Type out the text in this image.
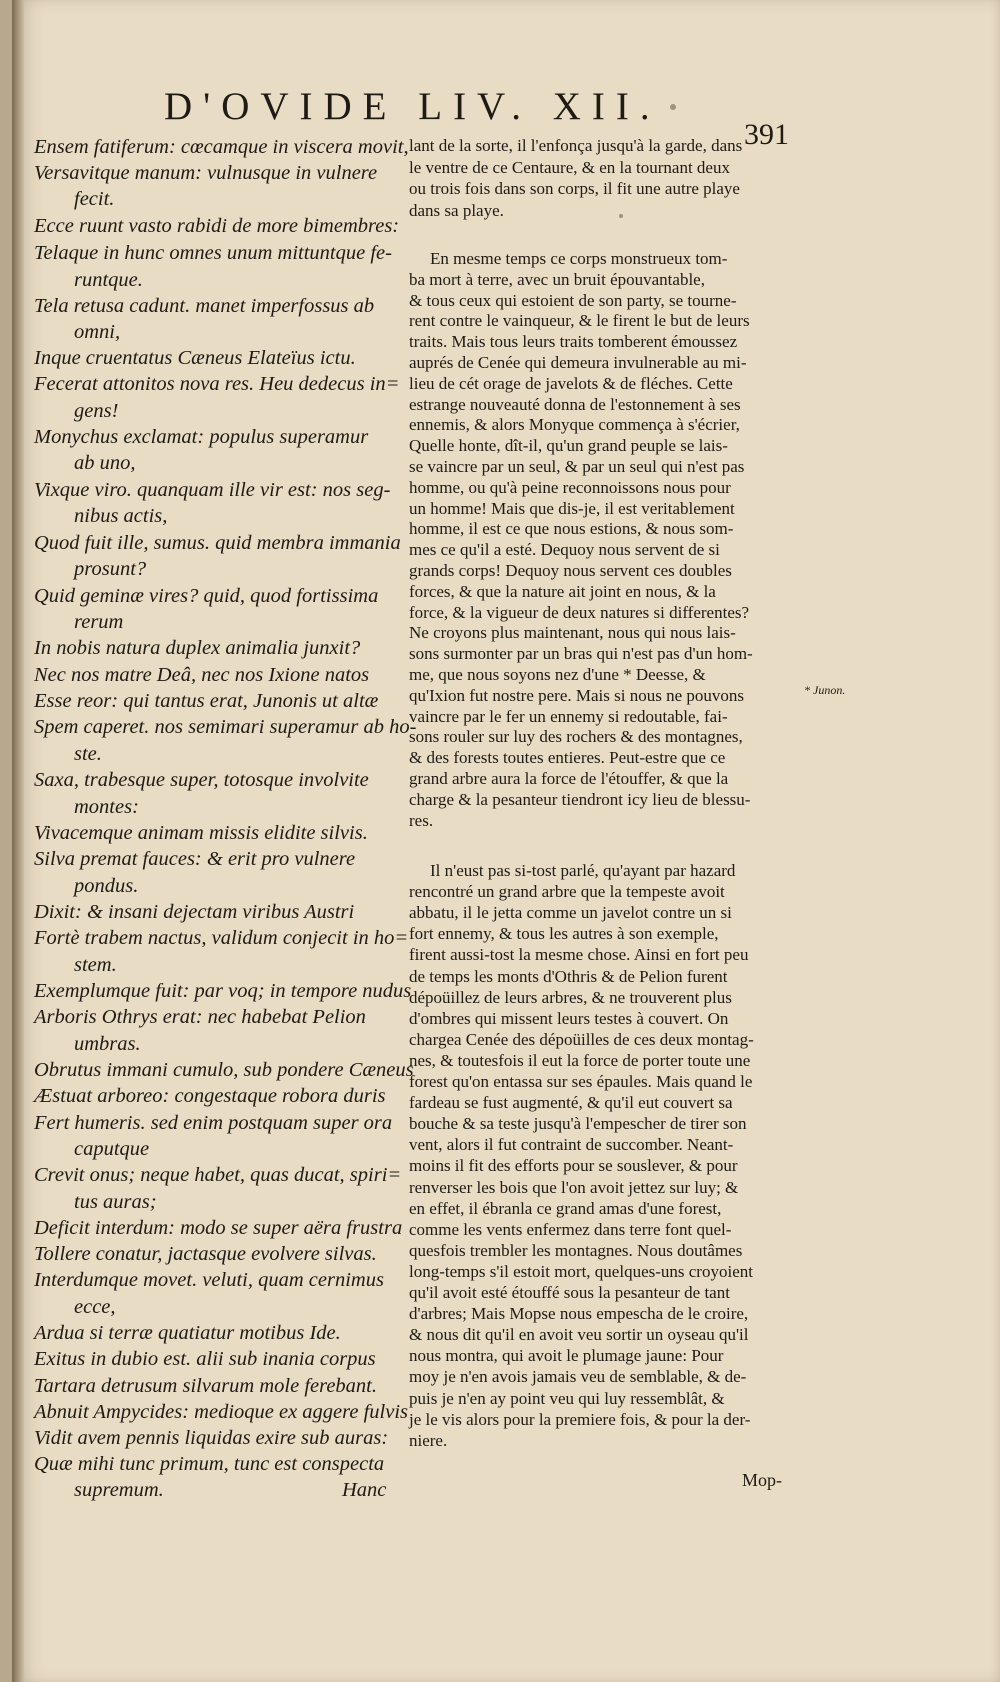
D'OVIDE LIV. XII.
391
Ensem fatiferum: cœcamque in viscera movit,
Versavitque manum: vulnusque in vulnere
fecit.
Ecce ruunt vasto rabidi de more bimembres:
Telaque in hunc omnes unum mittuntque fe-
runtque.
Tela retusa cadunt. manet imperfossus ab
omni,
Inque cruentatus Cæneus Elateïus ictu.
Fecerat attonitos nova res. Heu dedecus in=
gens!
Monychus exclamat: populus superamur
ab uno,
Vixque viro. quanquam ille vir est: nos seg-
nibus actis,
Quod fuit ille, sumus. quid membra immania
prosunt?
Quid geminæ vires? quid, quod fortissima
rerum
In nobis natura duplex animalia junxit?
Nec nos matre Deâ, nec nos Ixione natos
Esse reor: qui tantus erat, Junonis ut altæ
Spem caperet. nos semimari superamur ab ho-
ste.
Saxa, trabesque super, totosque involvite
montes:
Vivacemque animam missis elidite silvis.
Silva premat fauces: & erit pro vulnere
pondus.
Dixit: & insani dejectam viribus Austri
Fortè trabem nactus, validum conjecit in ho=
stem.
Exemplumque fuit: par voq; in tempore nudus
Arboris Othrys erat: nec habebat Pelion
umbras.
Obrutus immani cumulo, sub pondere Cæneus
Æstuat arboreo: congestaque robora duris
Fert humeris. sed enim postquam super ora
caputque
Crevit onus; neque habet, quas ducat, spiri=
tus auras;
Deficit interdum: modo se super aëra frustra
Tollere conatur, jactasque evolvere silvas.
Interdumque movet. veluti, quam cernimus
ecce,
Ardua si terræ quatiatur motibus Ide.
Exitus in dubio est. alii sub inania corpus
Tartara detrusum silvarum mole ferebant.
Abnuit Ampycides: medioque ex aggere fulvis
Vidit avem pennis liquidas exire sub auras:
Quæ mihi tunc primum, tunc est conspecta
supremum.	Hanc
lant de la sorte, il l'enfonça jusqu'à la garde, dans
le ventre de ce Centaure, & en la tournant deux
ou trois fois dans son corps, il fit une autre playe
dans sa playe.
En mesme temps ce corps monstrueux tom-
ba mort à terre, avec un bruit épouvantable,
& tous ceux qui estoient de son party, se tourne-
rent contre le vainqueur, & le firent le but de leurs
traits. Mais tous leurs traits tomberent émoussez
auprés de Cenée qui demeura invulnerable au mi-
lieu de cét orage de javelots & de fléches. Cette
estrange nouveauté donna de l'estonnement à ses
ennemis, & alors Monyque commença à s'écrier,
Quelle honte, dît-il, qu'un grand peuple se lais-
se vaincre par un seul, & par un seul qui n'est pas
homme, ou qu'à peine reconnoissons nous pour
un homme! Mais que dis-je, il est veritablement
homme, il est ce que nous estions, & nous som-
mes ce qu'il a esté. Dequoy nous servent de si
grands corps! Dequoy nous servent ces doubles
forces, & que la nature ait joint en nous, & la
force, & la vigueur de deux natures si differentes?
Ne croyons plus maintenant, nous qui nous lais-
sons surmonter par un bras qui n'est pas d'un hom-
me, que nous soyons nez d'une * Deesse, &
qu'Ixion fut nostre pere. Mais si nous ne pouvons
vaincre par le fer un ennemy si redoutable, fai-
sons rouler sur luy des rochers & des montagnes,
& des forests toutes entieres. Peut-estre que ce
grand arbre aura la force de l'étouffer, & que la
charge & la pesanteur tiendront icy lieu de blessu-
res.
Il n'eust pas si-tost parlé, qu'ayant par hazard
rencontré un grand arbre que la tempeste avoit
abbatu, il le jetta comme un javelot contre un si
fort ennemy, & tous les autres à son exemple,
firent aussi-tost la mesme chose. Ainsi en fort peu
de temps les monts d'Othris & de Pelion furent
dépoüillez de leurs arbres, & ne trouverent plus
d'ombres qui missent leurs testes à couvert. On
chargea Cenée des dépoüilles de ces deux montag-
nes, & toutesfois il eut la force de porter toute une
forest qu'on entassa sur ses épaules. Mais quand le
fardeau se fust augmenté, & qu'il eut couvert sa
bouche & sa teste jusqu'à l'empescher de tirer son
vent, alors il fut contraint de succomber. Neant-
moins il fit des efforts pour se souslever, & pour
renverser les bois que l'on avoit jettez sur luy; &
en effet, il ébranla ce grand amas d'une forest,
comme les vents enfermez dans terre font quel-
quesfois trembler les montagnes. Nous doutâmes
long-temps s'il estoit mort, quelques-uns croyoient
qu'il avoit esté étouffé sous la pesanteur de tant
d'arbres; Mais Mopse nous empescha de le croire,
& nous dit qu'il en avoit veu sortir un oyseau qu'il
nous montra, qui avoit le plumage jaune: Pour
moy je n'en avois jamais veu de semblable, & de-
puis je n'en ay point veu qui luy ressemblât, &
je le vis alors pour la premiere fois, & pour la der-
niere.
* Junon.
Mop-
